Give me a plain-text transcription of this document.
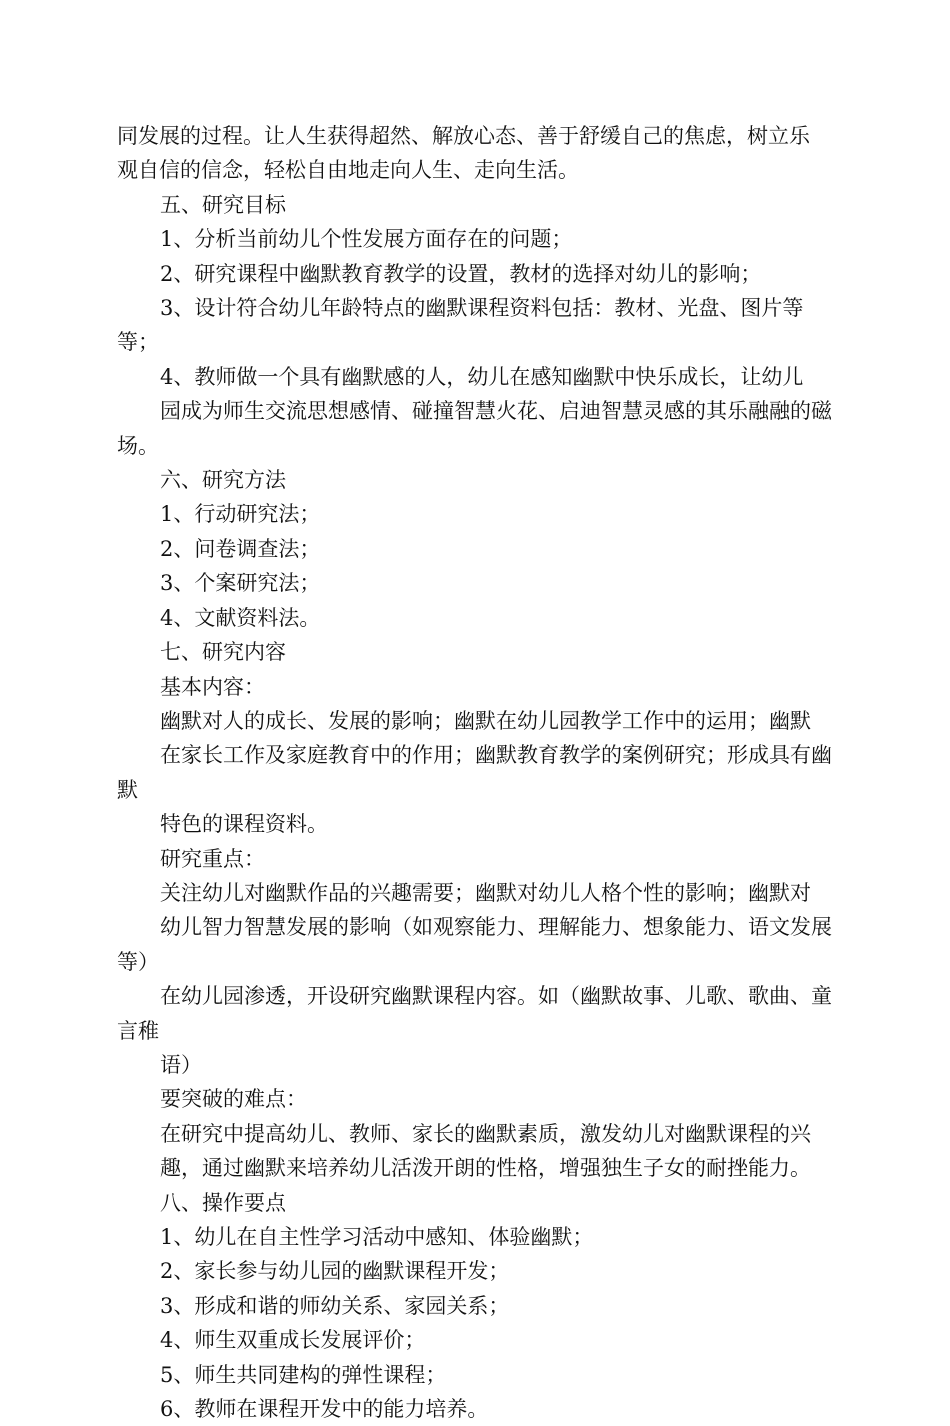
同发展的过程。让人生获得超然、解放心态、善于舒缓自己的焦虑，树立乐
观自信的信念，轻松自由地走向人生、走向生活。
五、研究目标
1、分析当前幼儿个性发展方面存在的问题；
2、研究课程中幽默教育教学的设置，教材的选择对幼儿的影响；
3、设计符合幼儿年龄特点的幽默课程资料包括：教材、光盘、图片等等；
4、教师做一个具有幽默感的人，幼儿在感知幽默中快乐成长，让幼儿
园成为师生交流思想感情、碰撞智慧火花、启迪智慧灵感的其乐融融的磁场。
六、研究方法
1、行动研究法；
2、问卷调查法；
3、个案研究法；
4、文献资料法。
七、研究内容
基本内容：
幽默对人的成长、发展的影响；幽默在幼儿园教学工作中的运用；幽默
在家长工作及家庭教育中的作用；幽默教育教学的案例研究；形成具有幽默
特色的课程资料。
研究重点：
关注幼儿对幽默作品的兴趣需要；幽默对幼儿人格个性的影响；幽默对
幼儿智力智慧发展的影响（如观察能力、理解能力、想象能力、语文发展等）
在幼儿园渗透，开设研究幽默课程内容。如（幽默故事、儿歌、歌曲、童言稚
语）
要突破的难点：
在研究中提高幼儿、教师、家长的幽默素质，激发幼儿对幽默课程的兴
趣，通过幽默来培养幼儿活泼开朗的性格，增强独生子女的耐挫能力。
八、操作要点
1、幼儿在自主性学习活动中感知、体验幽默；
2、家长参与幼儿园的幽默课程开发；
3、形成和谐的师幼关系、家园关系；
4、师生双重成长发展评价；
5、师生共同建构的弹性课程；
6、教师在课程开发中的能力培养。
